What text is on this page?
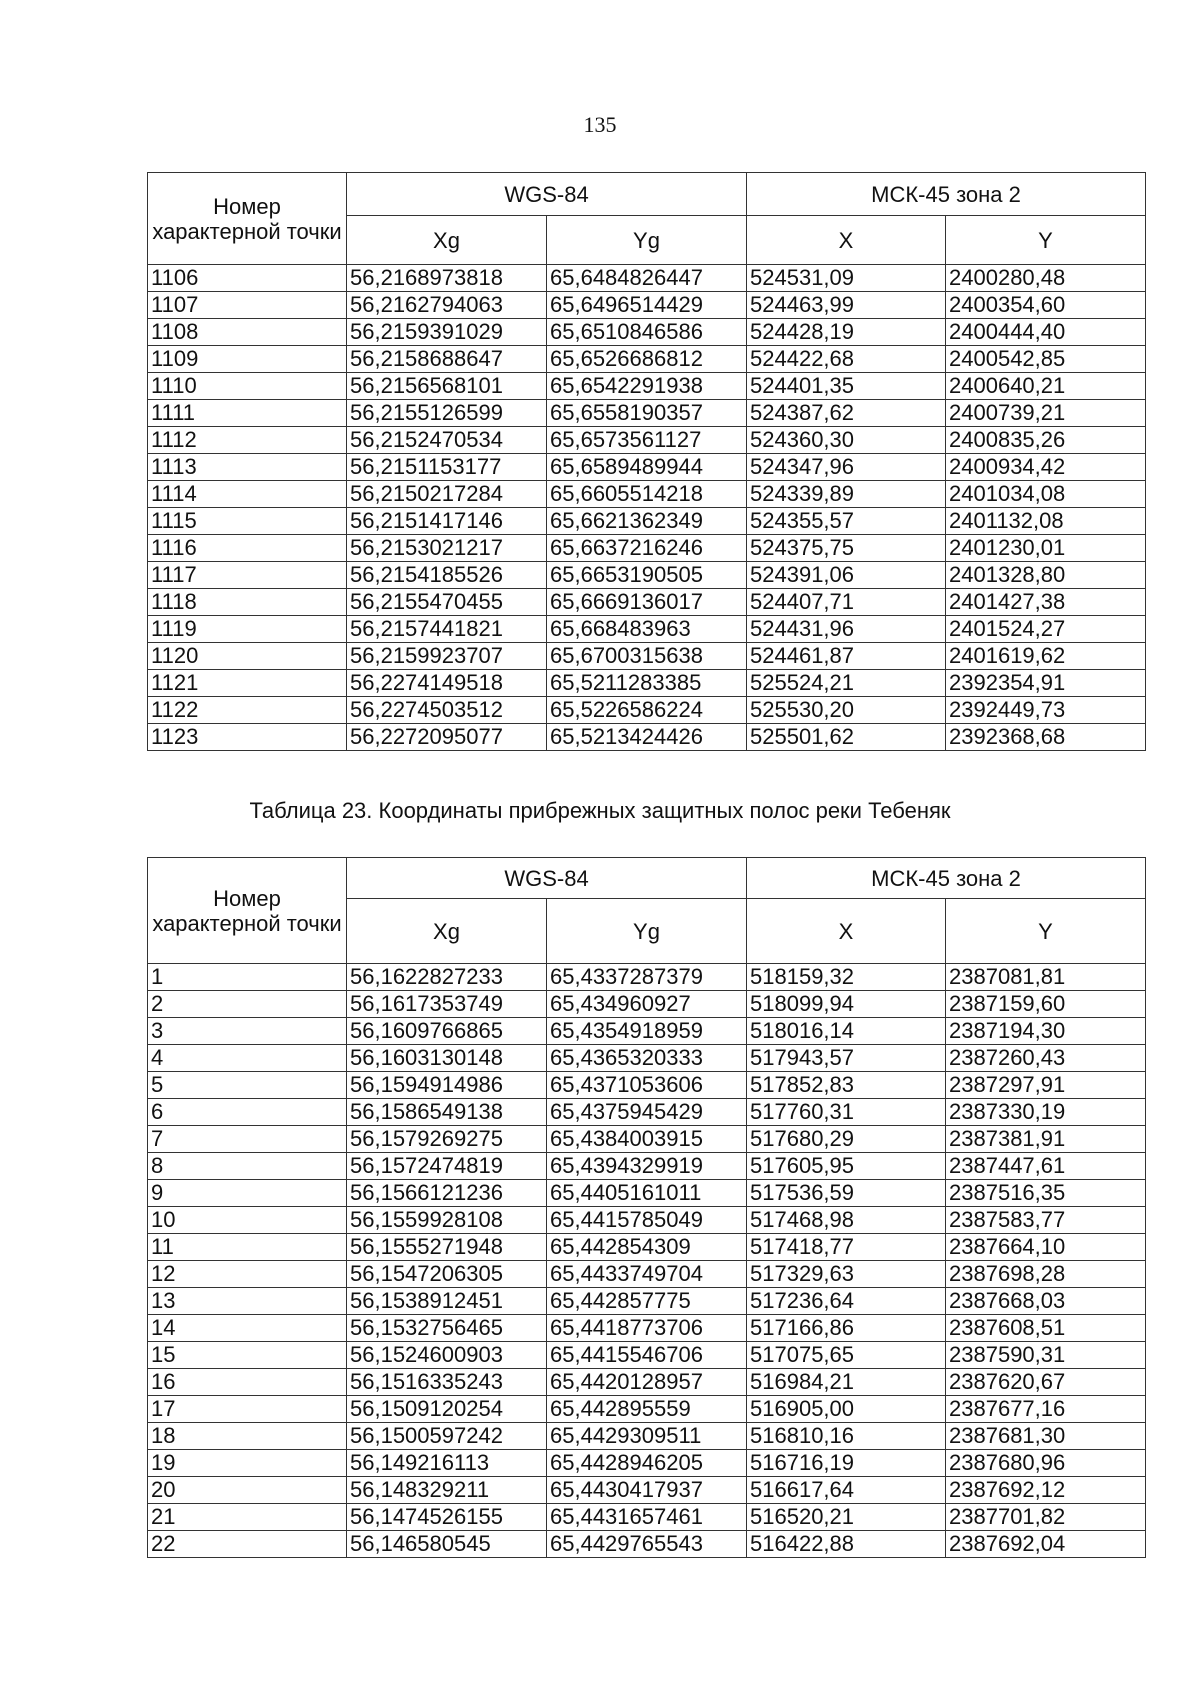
135
Номер характерной точки	WGS-84		МСК-45 зона 2	
	Xg	Yg	X	Y
1106	56,2168973818	65,6484826447	524531,09	2400280,48
1107	56,2162794063	65,6496514429	524463,99	2400354,60
1108	56,2159391029	65,6510846586	524428,19	2400444,40
1109	56,2158688647	65,6526686812	524422,68	2400542,85
1110	56,2156568101	65,6542291938	524401,35	2400640,21
1111	56,2155126599	65,6558190357	524387,62	2400739,21
1112	56,2152470534	65,6573561127	524360,30	2400835,26
1113	56,2151153177	65,6589489944	524347,96	2400934,42
1114	56,2150217284	65,6605514218	524339,89	2401034,08
1115	56,2151417146	65,6621362349	524355,57	2401132,08
1116	56,2153021217	65,6637216246	524375,75	2401230,01
1117	56,2154185526	65,6653190505	524391,06	2401328,80
1118	56,2155470455	65,6669136017	524407,71	2401427,38
1119	56,2157441821	65,668483963	524431,96	2401524,27
1120	56,2159923707	65,6700315638	524461,87	2401619,62
1121	56,2274149518	65,5211283385	525524,21	2392354,91
1122	56,2274503512	65,5226586224	525530,20	2392449,73
1123	56,2272095077	65,5213424426	525501,62	2392368,68
Таблица 23. Координаты прибрежных защитных полос реки Тебеняк
Номер характерной точки	WGS-84		МСК-45 зона 2	
	Xg	Yg	X	Y
1	56,1622827233	65,4337287379	518159,32	2387081,81
2	56,1617353749	65,434960927	518099,94	2387159,60
3	56,1609766865	65,4354918959	518016,14	2387194,30
4	56,1603130148	65,4365320333	517943,57	2387260,43
5	56,1594914986	65,4371053606	517852,83	2387297,91
6	56,1586549138	65,4375945429	517760,31	2387330,19
7	56,1579269275	65,4384003915	517680,29	2387381,91
8	56,1572474819	65,4394329919	517605,95	2387447,61
9	56,1566121236	65,4405161011	517536,59	2387516,35
10	56,1559928108	65,4415785049	517468,98	2387583,77
11	56,1555271948	65,442854309	517418,77	2387664,10
12	56,1547206305	65,4433749704	517329,63	2387698,28
13	56,1538912451	65,442857775	517236,64	2387668,03
14	56,1532756465	65,4418773706	517166,86	2387608,51
15	56,1524600903	65,4415546706	517075,65	2387590,31
16	56,1516335243	65,4420128957	516984,21	2387620,67
17	56,1509120254	65,442895559	516905,00	2387677,16
18	56,1500597242	65,4429309511	516810,16	2387681,30
19	56,149216113	65,4428946205	516716,19	2387680,96
20	56,148329211	65,4430417937	516617,64	2387692,12
21	56,1474526155	65,4431657461	516520,21	2387701,82
22	56,146580545	65,4429765543	516422,88	2387692,04
